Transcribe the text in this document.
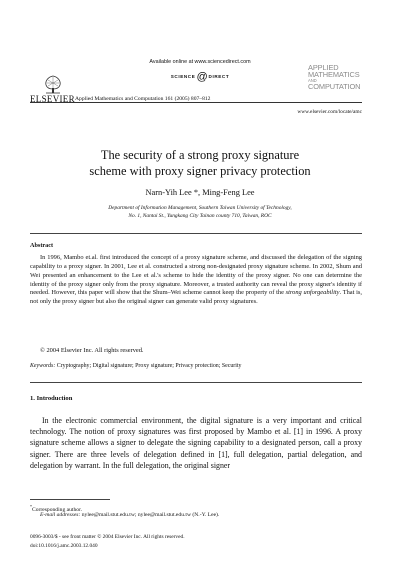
Available online at www.sciencedirect.com
SCIENCE@DIRECT
ELSEVIER Applied Mathematics and Computation 161 (2005) 807–812
APPLIED
MATHEMATICS
AND
COMPUTATION
www.elsevier.com/locate/amc
The security of a strong proxy signature
scheme with proxy signer privacy protection
Narn-Yih Lee *, Ming-Feng Lee
Department of Information Management, Southern Taiwan University of Technology,
No. 1, Nantai St., Yungkang City Tainan county 710, Taiwan, ROC
Abstract

In 1996, Mambo et.al. first introduced the concept of a proxy signature scheme, and discussed the delegation of the signing capability to a proxy signer. In 2001, Lee et al. constructed a strong non-designated proxy signature scheme. In 2002, Shum and Wei presented an enhancement to the Lee et al.'s scheme to hide the identity of the proxy signer. No one can determine the identity of the proxy signer only from the proxy signature. Moreover, a trusted authority can reveal the proxy signer's identity if needed. However, this paper will show that the Shum–Wei scheme cannot keep the property of the strong unforgeability. That is, not only the proxy signer but also the original signer can generate valid proxy signatures.

© 2004 Elsevier Inc. All rights reserved.
Keywords: Cryptography; Digital signature; Proxy signature; Privacy protection; Security
1. Introduction

In the electronic commercial environment, the digital signature is a very important and critical technology. The notion of proxy signatures was first proposed by Mambo et al. [1] in 1996. A proxy signature scheme allows a signer to delegate the signing capability to a designated person, call a proxy signer. There are three levels of delegation defined in [1], full delegation, partial delegation, and delegation by warrant. In the full delegation, the original signer

*Corresponding author.
E-mail addresses: nylee@mail.stut.edu.tw; nylee@mail.stut.edu.tw (N.-Y. Lee).
0096-3003/$ - see front matter © 2004 Elsevier Inc. All rights reserved.
doi:10.1016/j.amc.2003.12.040
